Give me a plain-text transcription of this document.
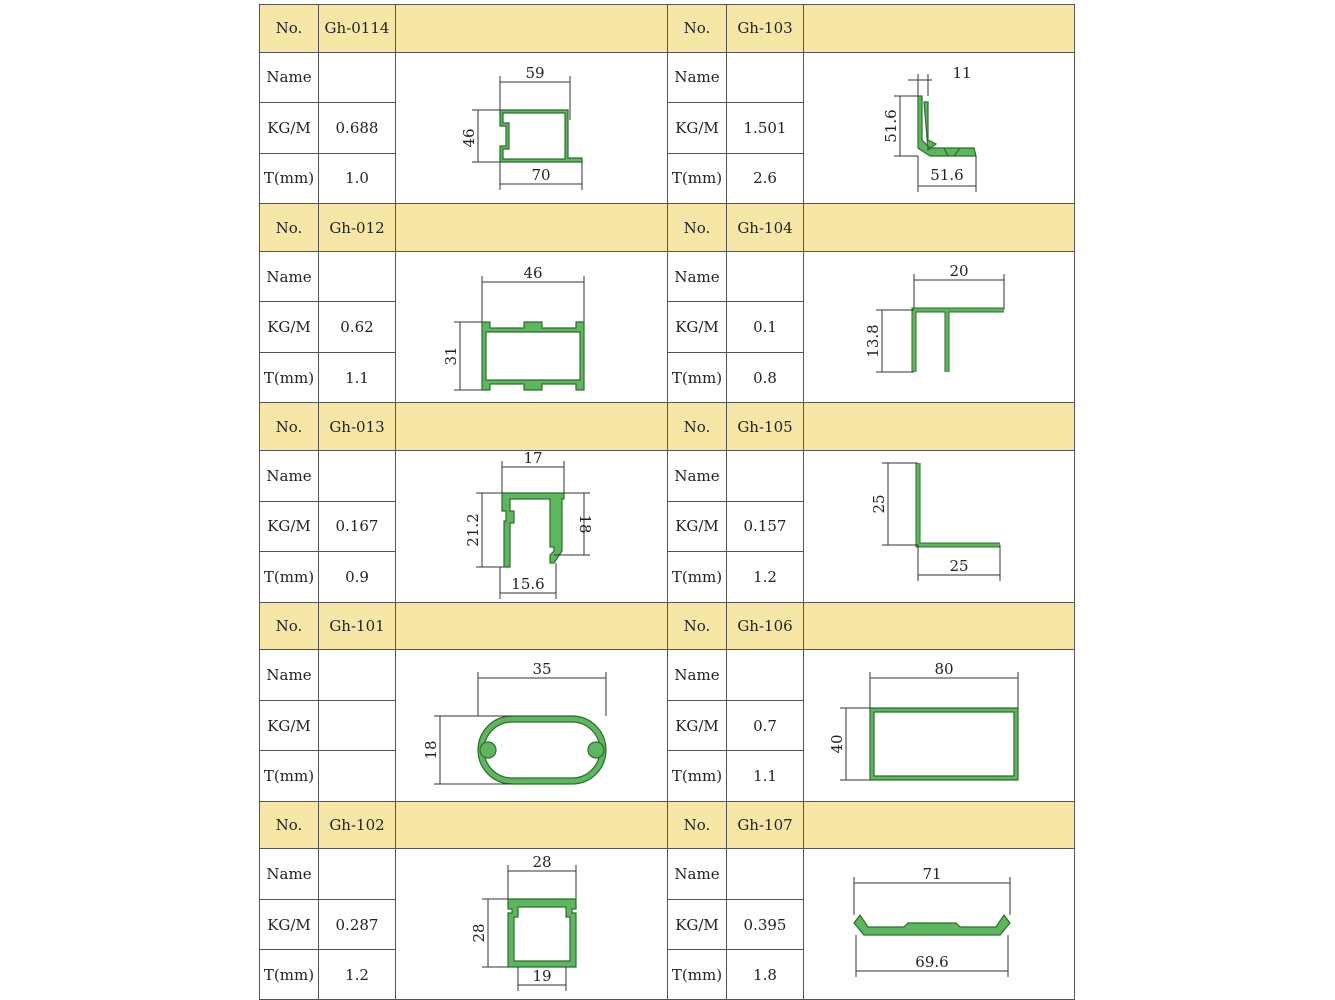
No.	Gh-0114
Name
KG/M	0.688
T(mm)	1.0
59
46
70
No.	Gh-103
Name
KG/M	1.501
T(mm)	2.6
11
51.6
51.6
No.	Gh-012
Name
KG/M	0.62
T(mm)	1.1
46
31
No.	Gh-104
Name
KG/M	0.1
T(mm)	0.8
20
13.8
No.	Gh-013
Name
KG/M	0.167
T(mm)	0.9
17
21.2	18
15.6
No.	Gh-105
Name
KG/M	0.157
T(mm)	1.2
25
25
No.	Gh-101
Name
KG/M
T(mm)
35
18
No.	Gh-106
Name
KG/M	0.7
T(mm)	1.1
80
40
No.	Gh-102
Name
KG/M	0.287
T(mm)	1.2
28
28
19
No.	Gh-107
Name
KG/M	0.395
T(mm)	1.8
71
69.6
